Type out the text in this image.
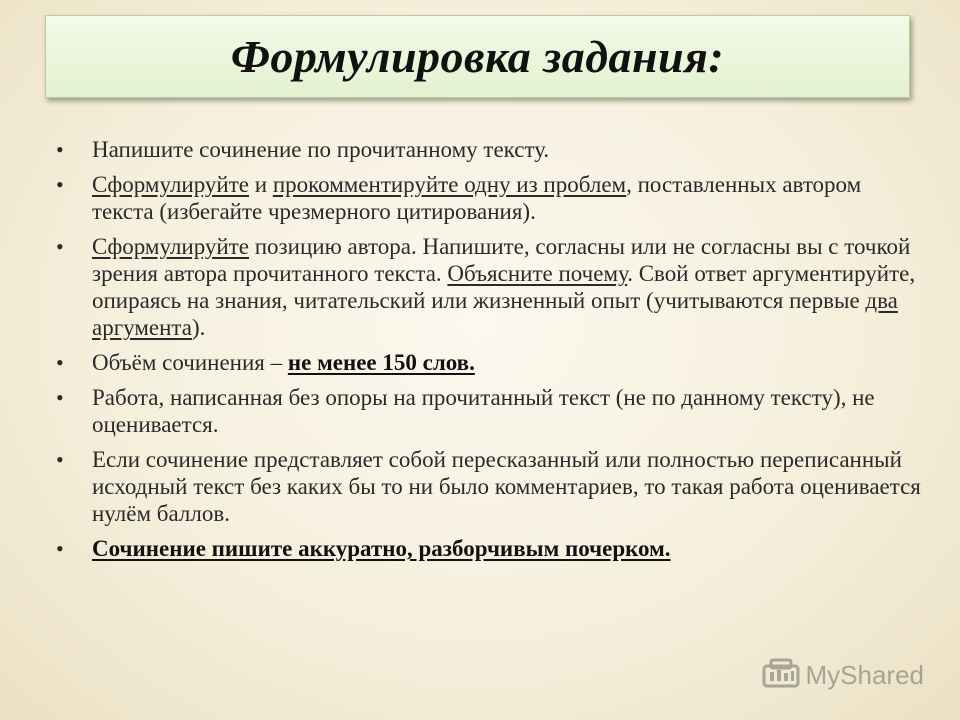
Формулировка задания:
• Напишите сочинение по прочитанному тексту.
• Сформулируйте и прокомментируйте одну из проблем, поставленных автором текста (избегайте чрезмерного цитирования).
• Сформулируйте позицию автора. Напишите, согласны или не согласны вы с точкой зрения автора прочитанного текста. Объясните почему. Свой ответ аргументируйте, опираясь на знания, читательский или жизненный опыт (учитываются первые два аргумента).
• Объём сочинения – не менее 150 слов.
• Работа, написанная без опоры на прочитанный текст (не по данному тексту), не оценивается.
• Если сочинение представляет собой пересказанный или полностью переписанный исходный текст без каких бы то ни было комментариев, то такая работа оценивается нулём баллов.
• Сочинение пишите аккуратно, разборчивым почерком.
MyShared
